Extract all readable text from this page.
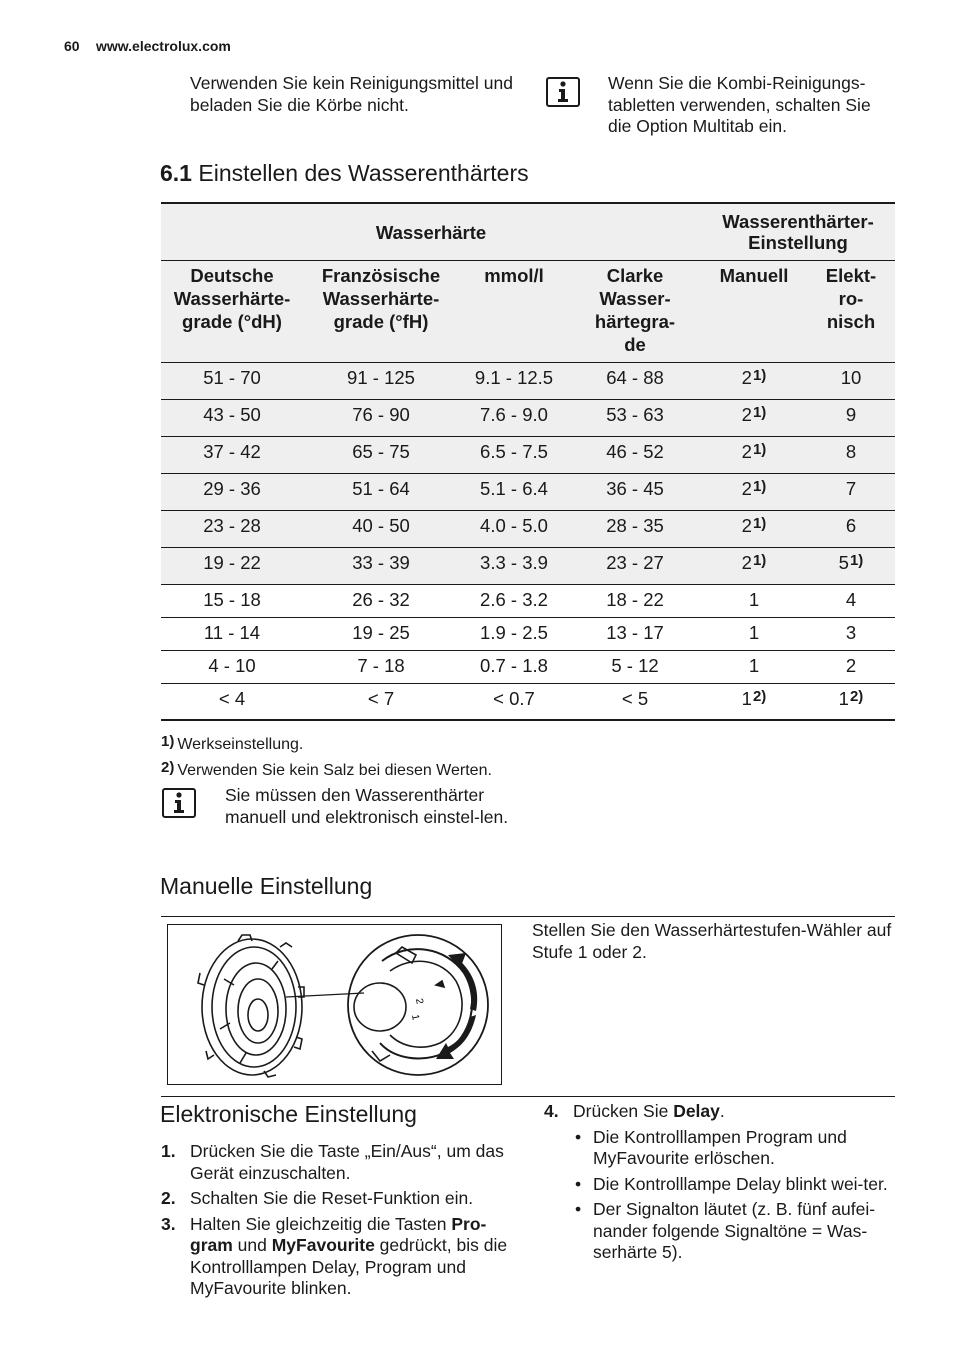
60 www.electrolux.com
Verwenden Sie kein Reinigungsmittel und beladen Sie die Körbe nicht.
Wenn Sie die Kombi-Reinigungs-tabletten verwenden, schalten Sie die Option Multitab ein.
6.1 Einstellen des Wasserenthärters
Wasserhärte				Wasserenthärter-Einstellung	

Deutsche Wasserhärte-grade (°dH)	Französische Wasserhärte-grade (°fH)	mmol/l	Clarke Wasser-härtegra-de	Manuell	Elekt-ro-nisch

51 - 70	91 - 125	9.1 - 12.5	64 - 88	2$^{1)}$	10
43 - 50	76 - 90	7.6 - 9.0	53 - 63	2$^{1)}$	9
37 - 42	65 - 75	6.5 - 7.5	46 - 52	2$^{1)}$	8
29 - 36	51 - 64	5.1 - 6.4	36 - 45	2$^{1)}$	7
23 - 28	40 - 50	4.0 - 5.0	28 - 35	2$^{1)}$	6
19 - 22	33 - 39	3.3 - 3.9	23 - 27	2$^{1)}$	5$^{1)}$
15 - 18	26 - 32	2.6 - 3.2	18 - 22	1	4
11 - 14	19 - 25	1.9 - 2.5	13 - 17	1	3
4 - 10	7 - 18	0.7 - 1.8	5 - 12	1	2
< 4	< 7	< 0.7	< 5	1$^{2)}$	1$^{2)}$
$^{1)}$ Werkseinstellung.
$^{2)}$ Verwenden Sie kein Salz bei diesen Werten.
Sie müssen den Wasserenthärter manuell und elektronisch einstel-len.
Manuelle Einstellung
2
1
Stellen Sie den Wasserhärtestufen-Wähler auf Stufe 1 oder 2.
Elektronische Einstellung
1. Drücken Sie die Taste „Ein/Aus“, um das Gerät einzuschalten.
2. Schalten Sie die Reset-Funktion ein.
3. Halten Sie gleichzeitig die Tasten Pro-gram und MyFavourite gedrückt, bis die Kontrolllampen Delay, Program und MyFavourite blinken.
4. Drücken Sie Delay.
• Die Kontrolllampen Program und MyFavourite erlöschen.
• Die Kontrolllampe Delay blinkt wei-ter.
• Der Signalton läutet (z. B. fünf aufei-nander folgende Signaltöne = Was-serhärte 5).
